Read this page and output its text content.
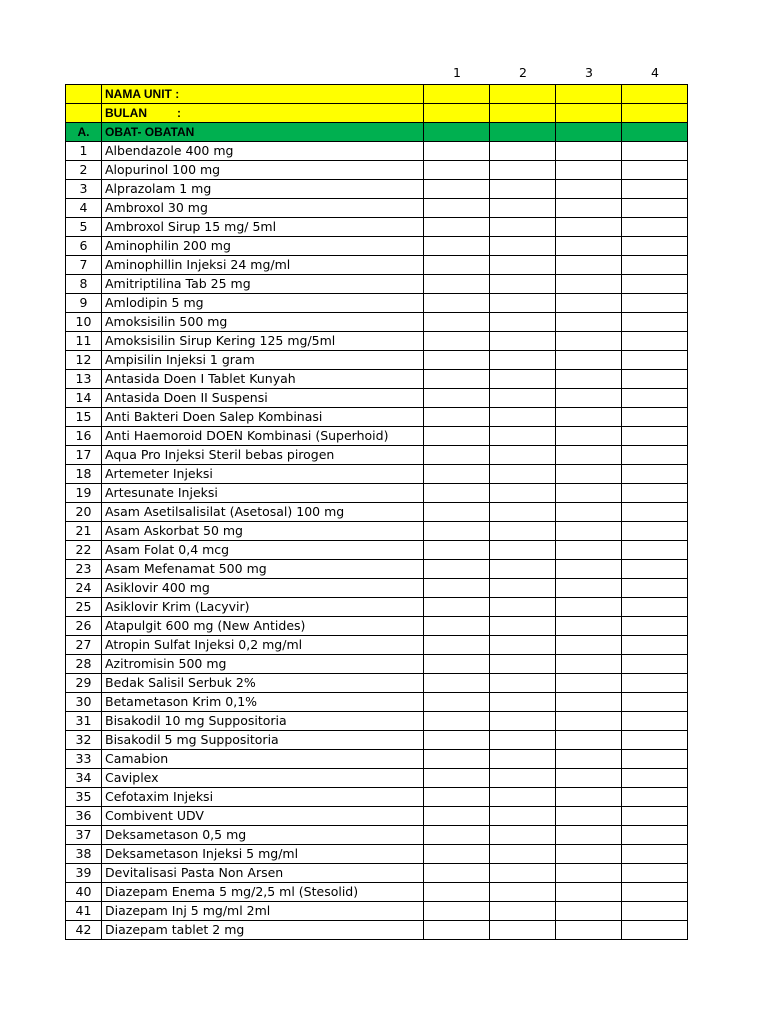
		1	2	3	4
	NAMA UNIT :				
	BULAN :				
A.	OBAT- OBATAN				
1	Albendazole 400 mg				
2	Alopurinol 100 mg				
3	Alprazolam 1 mg				
4	Ambroxol 30 mg				
5	Ambroxol Sirup 15 mg/ 5ml				
6	Aminophilin 200 mg				
7	Aminophillin Injeksi 24 mg/ml				
8	Amitriptilina Tab 25 mg				
9	Amlodipin 5 mg				
10	Amoksisilin 500 mg				
11	Amoksisilin Sirup Kering 125 mg/5ml				
12	Ampisilin Injeksi 1 gram				
13	Antasida Doen I Tablet Kunyah				
14	Antasida Doen II Suspensi				
15	Anti Bakteri Doen Salep Kombinasi				
16	Anti Haemoroid DOEN Kombinasi (Superhoid)				
17	Aqua Pro Injeksi Steril bebas pirogen				
18	Artemeter Injeksi				
19	Artesunate Injeksi				
20	Asam Asetilsalisilat (Asetosal) 100 mg				
21	Asam Askorbat 50 mg				
22	Asam Folat 0,4 mcg				
23	Asam Mefenamat 500 mg				
24	Asiklovir 400 mg				
25	Asiklovir Krim (Lacyvir)				
26	Atapulgit 600 mg (New Antides)				
27	Atropin Sulfat Injeksi 0,2 mg/ml				
28	Azitromisin 500 mg				
29	Bedak Salisil Serbuk 2%				
30	Betametason Krim 0,1%				
31	Bisakodil 10 mg Suppositoria				
32	Bisakodil 5 mg Suppositoria				
33	Camabion				
34	Caviplex				
35	Cefotaxim Injeksi				
36	Combivent UDV				
37	Deksametason 0,5 mg				
38	Deksametason Injeksi 5 mg/ml				
39	Devitalisasi Pasta Non Arsen				
40	Diazepam Enema 5 mg/2,5 ml (Stesolid)				
41	Diazepam Inj 5 mg/ml 2ml				
42	Diazepam tablet 2 mg				
